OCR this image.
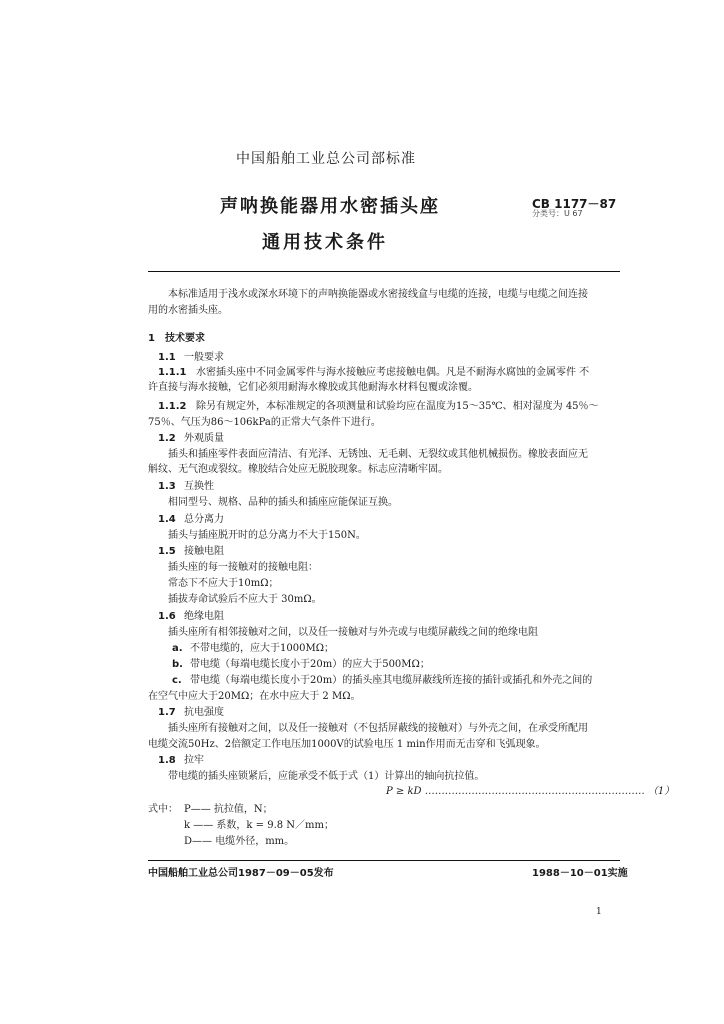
中国船舶工业总公司部标准
声呐换能器用水密插头座
通用技术条件
CB 1177－87
分类号：U 67
本标准适用于浅水或深水环境下的声呐换能器或水密接线盒与电缆的连接，电缆与电缆之间连接
用的水密插头座。
1　技术要求
1.1 一般要求
1.1.1 水密插头座中不同金属零件与海水接触应考虑接触电偶。凡是不耐海水腐蚀的金属零件 不
许直接与海水接触，它们必须用耐海水橡胶或其他耐海水材料包覆或涂覆。
1.1.2 除另有规定外，本标准规定的各项测量和试验均应在温度为15～35℃、相对湿度为 45％～
75％、气压为86～106kPa的正常大气条件下进行。
1.2 外观质量
插头和插座零件表面应清洁、有光泽、无锈蚀、无毛刺、无裂纹或其他机械损伤。橡胶表面应无
斛纹、无气泡或裂纹。橡胶结合处应无脱胶现象。标志应清晰牢固。
1.3 互换性
相同型号、规格、品种的插头和插座应能保证互换。
1.4 总分离力
插头与插座脱开时的总分离力不大于150N。
1.5 接触电阻
插头座的每一接触对的接触电阻：
常态下不应大于10mΩ；
插拔寿命试验后不应大于 30mΩ。
1.6 绝缘电阻
插头座所有相邻接触对之间，以及任一接触对与外壳或与电缆屏蔽线之间的绝缘电阻
a. 不带电缆的，应大于1000MΩ；
b. 带电缆（每端电缆长度小于20m）的应大于500MΩ；
c. 带电缆（每端电缆长度小于20m）的插头座其电缆屏蔽线所连接的插针或插孔和外壳之间的
在空气中应大于20MΩ；在水中应大于 2 MΩ。
1.7 抗电强度
插头座所有接触对之间，以及任一接触对（不包括屏蔽线的接触对）与外壳之间，在承受所配用
电缆交流50Hz、2倍额定工作电压加1000V的试验电压 1 min作用而无击穿和飞弧现象。
1.8 拉牢
带电缆的插头座锁紧后，应能承受不低于式（1）计算出的轴向抗拉值。
P ≥ kD ………………………………………………………… （1）
式中： P—— 抗拉值，N；
k —— 系数，k = 9.8 N／mm；
D—— 电缆外径，mm。
中国船舶工业总公司1987－09－05发布	1988－10－01实施
1
